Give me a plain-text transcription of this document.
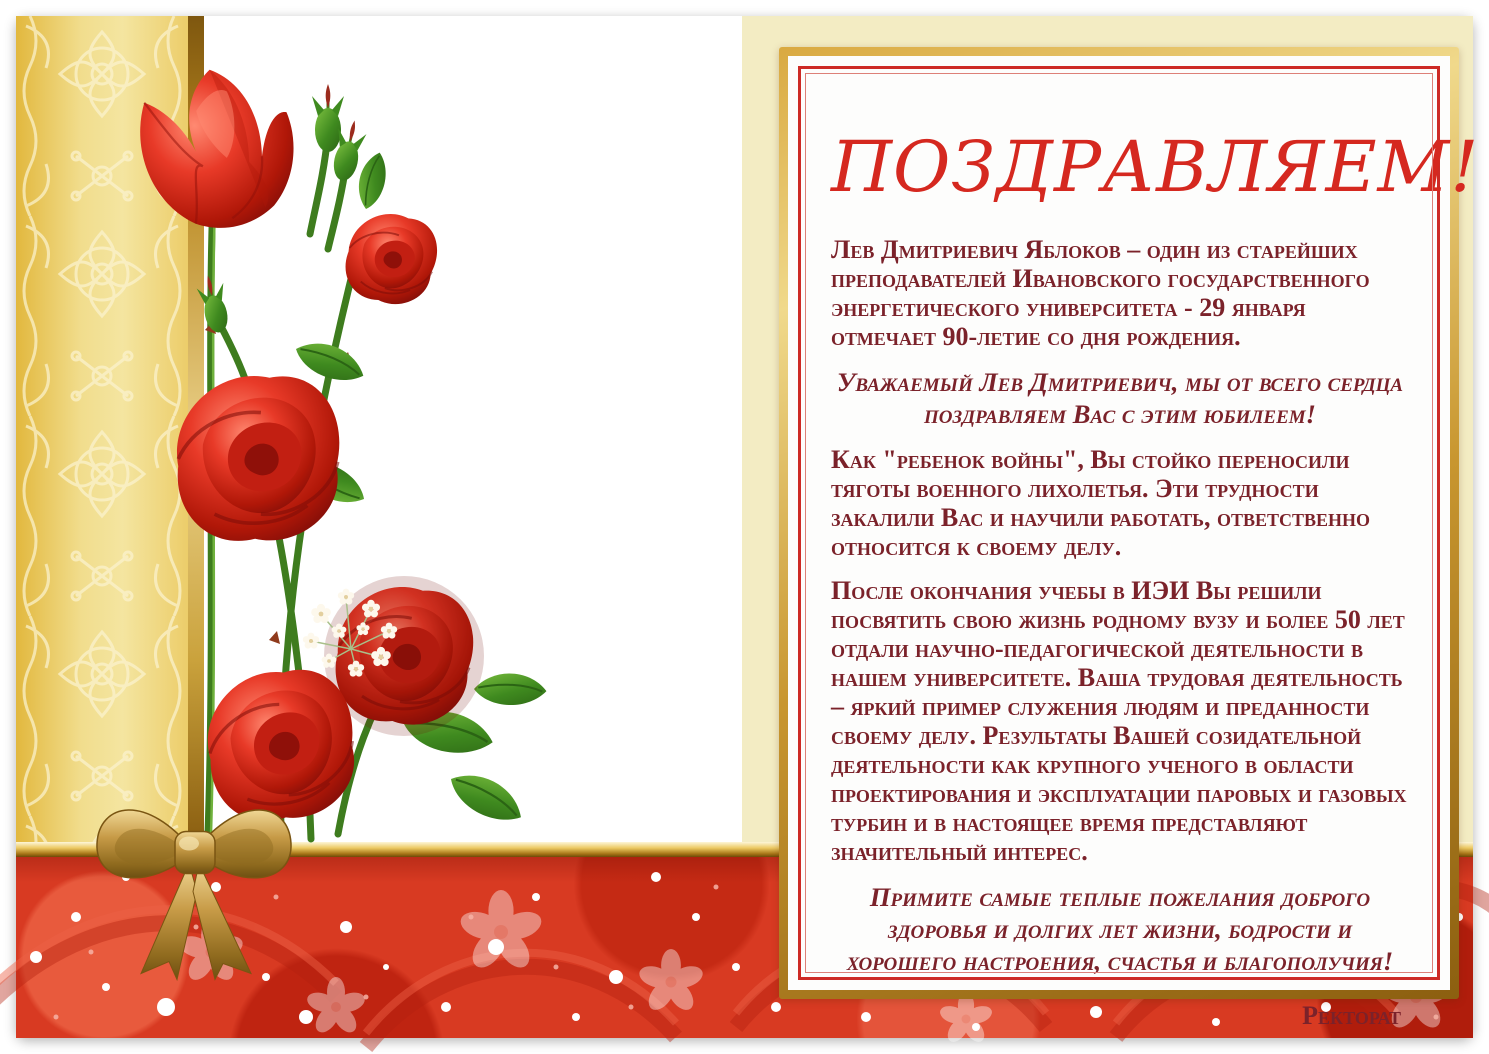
ПОЗДРАВЛЯЕМ!

Лев Дмитриевич Яблоков – один из старейших преподавателей Ивановского государственного энергетического университета - 29 января отмечает 90-летие со дня рождения.

Уважаемый Лев Дмитриевич, мы от всего сердца поздравляем Вас с этим юбилеем!

Как "ребенок войны", Вы стойко переносили тяготы военного лихолетья. Эти трудности закалили Вас и научили работать, ответственно относится к своему делу.

После окончания учебы в ИЭИ Вы решили посвятить свою жизнь родному вузу и более 50 лет отдали научно-педагогической деятельности в нашем университете. Ваша трудовая деятельность – яркий пример служения людям и преданности своему делу. Результаты Вашей созидательной деятельности как крупного ученого в области проектирования и эксплуатации паровых и газовых турбин и в настоящее время представляют значительный интерес.

Примите самые теплые пожелания доброго здоровья и долгих лет жизни, бодрости и хорошего настроения, счастья и благополучия!

Ректорат
